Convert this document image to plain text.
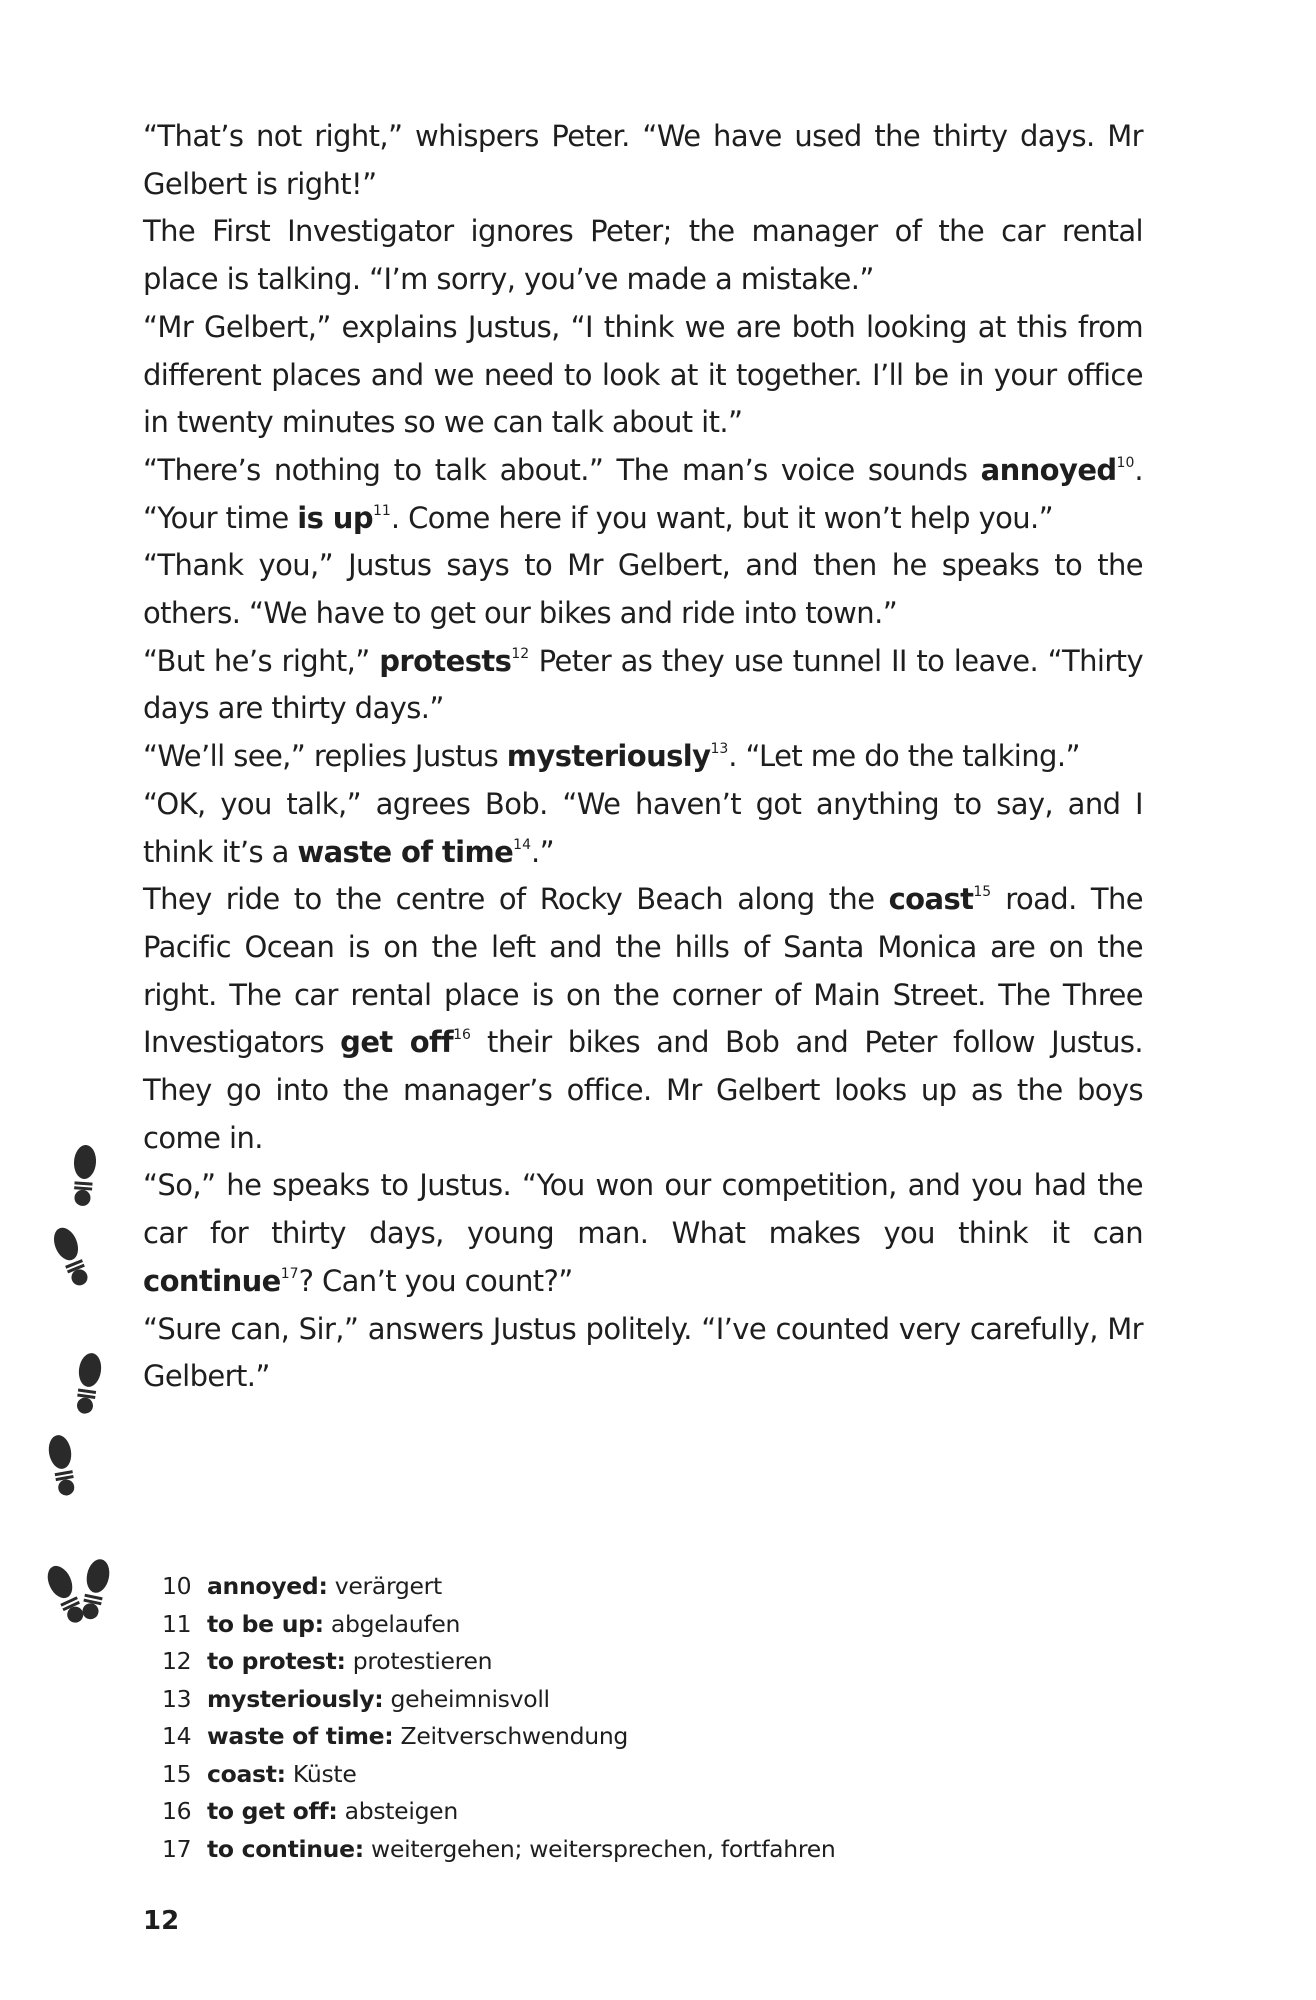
“That’s not right,” whispers Peter. “We have used the thirty days. Mr Gelbert is right!”

The First Investigator ignores Peter; the manager of the car rental place is talking. “I’m sorry, you’ve made a mistake.”

“Mr Gelbert,” explains Justus, “I think we are both looking at this from different places and we need to look at it together. I’ll be in your office in twenty minutes so we can talk about it.”

“There’s nothing to talk about.” The man’s voice sounds annoyed$^{10}$. “Your time is $up^{11}$. Come here if you want, but it won’t help you.”

“Thank you,” Justus says to Mr Gelbert, and then he speaks to the others. “We have to get our bikes and ride into town.”

“But he’s right,” protests$^{12}$ Peter as they use tunnel II to leave. “Thirty days are thirty days.”

“We’ll see,” replies Justus mysteriously$^{13}$. “Let me do the talking.”

“OK, you talk,” agrees Bob. “We haven’t got anything to say, and I think it’s a waste of time$^{14}$.”

They ride to the centre of Rocky Beach along the coast$^{15}$ road. The Pacific Ocean is on the left and the hills of Santa Monica are on the right. The car rental place is on the corner of Main Street. The Three Investigators get off$^{16}$ their bikes and Bob and Peter follow Justus. They go into the manager’s office. Mr Gelbert looks up as the boys come in.

“So,” he speaks to Justus. “You won our competition, and you had the car for thirty days, young man. What makes you think it can continue$^{17}$? Can’t you count?”

“Sure can, Sir,” answers Justus politely. “I’ve counted very carefully, Mr Gelbert.”

10 annoyed: verärgert
11 to be up: abgelaufen
12 to protest: protestieren
13 mysteriously: geheimnisvoll
14 waste of time: Zeitverschwendung
15 coast: Küste
16 to get off: absteigen
17 to continue: weitergehen; weitersprechen, fortfahren
12
